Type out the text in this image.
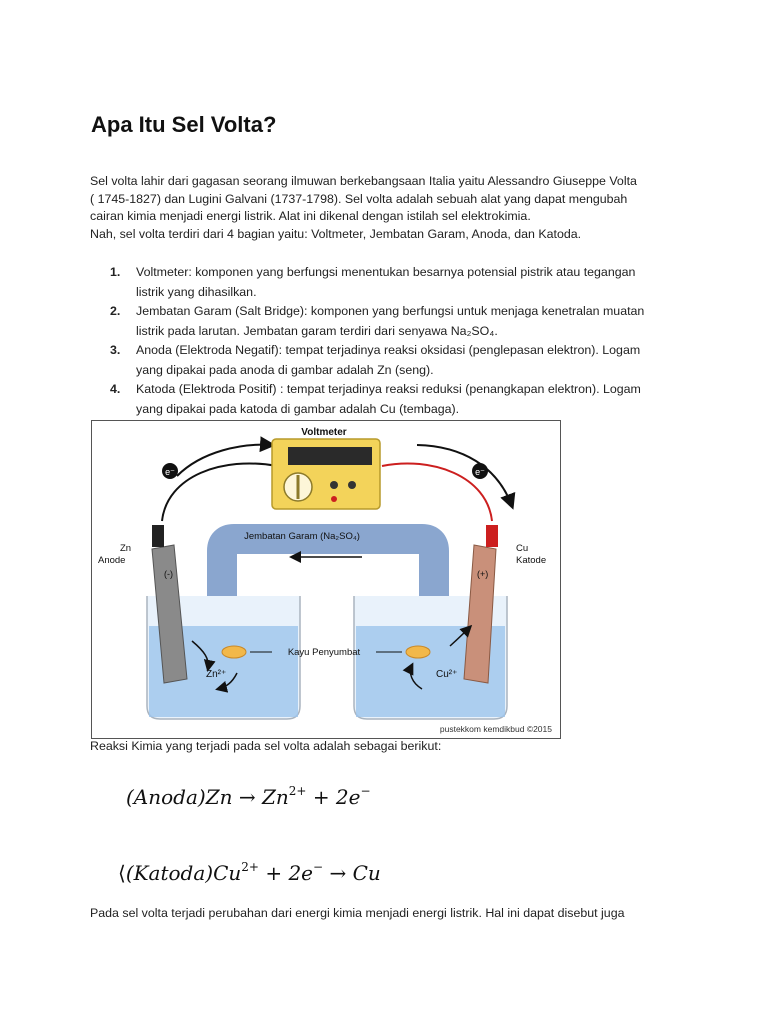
Apa Itu Sel Volta?

Sel volta lahir dari gagasan seorang ilmuwan berkebangsaan Italia yaitu Alessandro Giuseppe Volta

( 1745-1827) dan Lugini Galvani (1737-1798). Sel volta adalah sebuah alat yang dapat mengubah

cairan kimia menjadi energi listrik. Alat ini dikenal dengan istilah sel elektrokimia.

Nah, sel volta terdiri dari 4 bagian yaitu: Voltmeter, Jembatan Garam, Anoda, dan Katoda.

1. Voltmeter: komponen yang berfungsi menentukan besarnya potensial pistrik atau tegangan
listrik yang dihasilkan.
2. Jembatan Garam (Salt Bridge): komponen yang berfungsi untuk menjaga kenetralan muatan
listrik pada larutan. Jembatan garam terdiri dari senyawa Na₂SO₄.
3. Anoda (Elektroda Negatif): tempat terjadinya reaksi oksidasi (penglepasan elektron). Logam
yang dipakai pada anoda di gambar adalah Zn (seng).
4. Katoda (Elektroda Positif) : tempat terjadinya reaksi reduksi (penangkapan elektron). Logam
yang dipakai pada katoda di gambar adalah Cu (tembaga).
e⁻	e⁻
Voltmeter
Jembatan Garam (Na₂SO₄)
(-)	(+)
Zn
Anode
Cu
Katode
Kayu Penyumbat
Zn²⁺	Cu²⁺
pustekkom kemdikbud ©2015
Reaksi Kimia yang terjadi pada sel volta adalah sebagai berikut:
(Anoda)Zn → $Zn^{2+} + 2e^-$
$⟨(Katoda)Cu^{2+} + 2e^- \to Cu$
Pada sel volta terjadi perubahan dari energi kimia menjadi energi listrik. Hal ini dapat disebut juga
